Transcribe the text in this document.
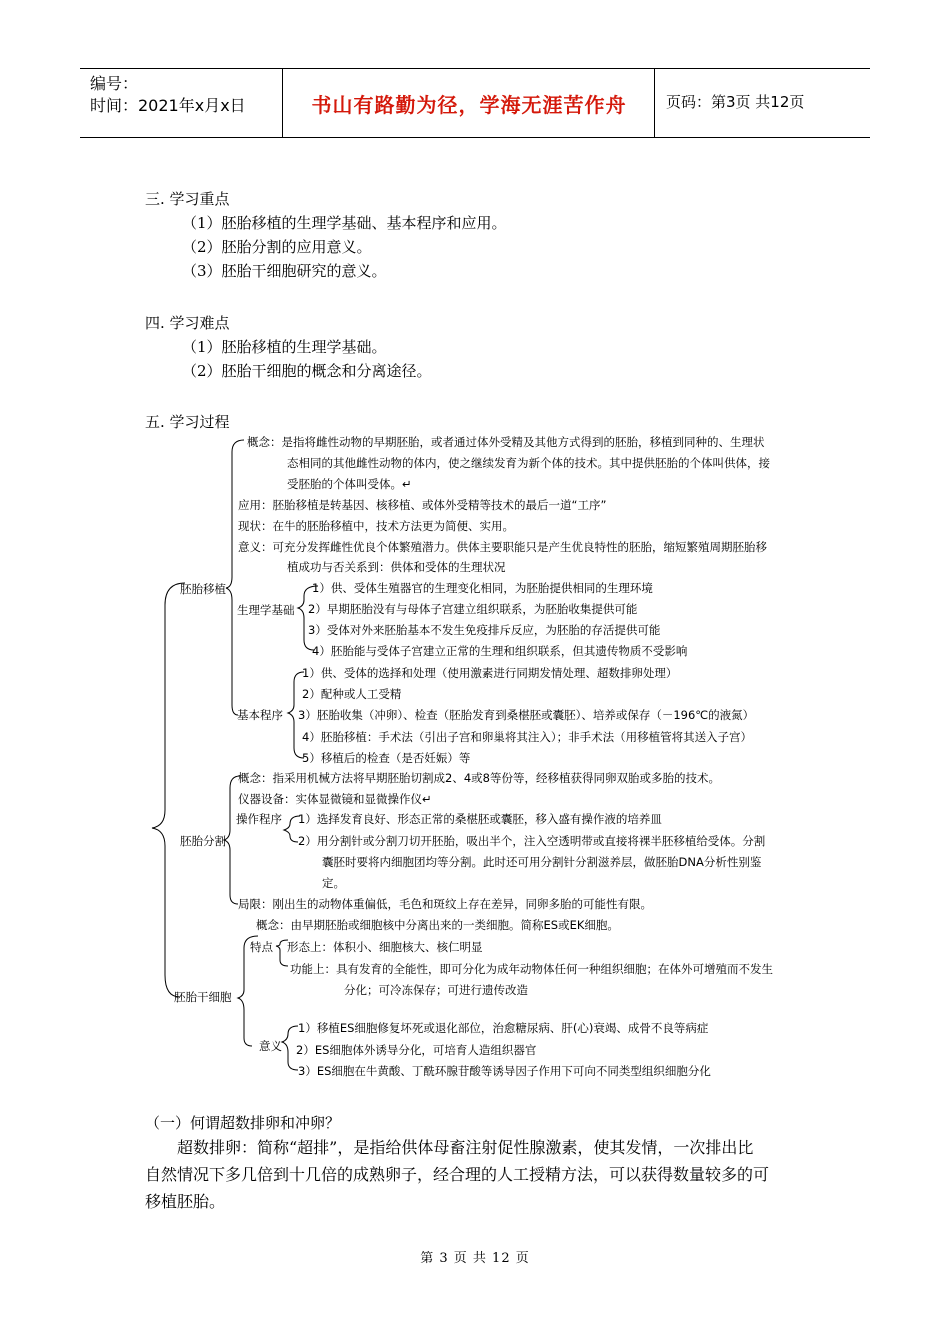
编号：
时间：2021年x月x日	书山有路勤为径，学海无涯苦作舟	页码：第3页 共12页
三. 学习重点
（1）胚胎移植的生理学基础、基本程序和应用。
（2）胚胎分割的应用意义。
（3）胚胎干细胞研究的意义。
四. 学习难点
（1）胚胎移植的生理学基础。
（2）胚胎干细胞的概念和分离途径。
五. 学习过程
胚胎移植
概念：是指将雌性动物的早期胚胎，或者通过体外受精及其他方式得到的胚胎，移植到同种的、生理状
态相同的其他雌性动物的体内，使之继续发育为新个体的技术。其中提供胚胎的个体叫供体，接
受胚胎的个体叫受体。↵
应用：胚胎移植是转基因、核移植、或体外受精等技术的最后一道“工序”
现状：在牛的胚胎移植中，技术方法更为简便、实用。
意义：可充分发挥雌性优良个体繁殖潜力。供体主要职能只是产生优良特性的胚胎，缩短繁殖周期胚胎移
植成功与否关系到：供体和受体的生理状况
生理学基础
1）供、受体生殖器官的生理变化相同，为胚胎提供相同的生理环境
2）早期胚胎没有与母体子宫建立组织联系，为胚胎收集提供可能
3）受体对外来胚胎基本不发生免疫排斥反应，为胚胎的存活提供可能
4）胚胎能与受体子宫建立正常的生理和组织联系，但其遗传物质不受影响
基本程序
1）供、受体的选择和处理（使用激素进行同期发情处理、超数排卵处理）
2）配种或人工受精
3）胚胎收集（冲卵）、检查（胚胎发育到桑椹胚或囊胚）、培养或保存（－196℃的液氮）
4）胚胎移植：手术法（引出子宫和卵巢将其注入）；非手术法（用移植管将其送入子宫）
5）移植后的检查（是否妊娠）等
胚胎分割
概念：指采用机械方法将早期胚胎切割成2、4或8等份等，经移植获得同卵双胎或多胎的技术。
仪器设备：实体显微镜和显微操作仪↵
操作程序 1）选择发育良好、形态正常的桑椹胚或囊胚，移入盛有操作液的培养皿
2）用分割针或分割刀切开胚胎，吸出半个，注入空透明带或直接将裸半胚移植给受体。分割
囊胚时要将内细胞团均等分割。此时还可用分割针分割滋养层，做胚胎DNA分析性别鉴
定。
局限：刚出生的动物体重偏低，毛色和斑纹上存在差异，同卵多胎的可能性有限。
胚胎干细胞
概念：由早期胚胎或细胞核中分离出来的一类细胞。简称ES或EK细胞。
特点 形态上：体积小、细胞核大、核仁明显
功能上：具有发育的全能性，即可分化为成年动物体任何一种组织细胞；在体外可增殖而不发生
分化；可冷冻保存；可进行遗传改造
意义
1）移植ES细胞修复坏死或退化部位，治愈糖尿病、肝(心)衰竭、成骨不良等病症
2）ES细胞体外诱导分化，可培育人造组织器官
3）ES细胞在牛黄酸、丁酰环腺苷酸等诱导因子作用下可向不同类型组织细胞分化
（一）何谓超数排卵和冲卵？
超数排卵：简称“超排”，是指给供体母畜注射促性腺激素，使其发情，一次排出比
自然情况下多几倍到十几倍的成熟卵子，经合理的人工授精方法，可以获得数量较多的可
移植胚胎。
第 3 页 共 12 页
